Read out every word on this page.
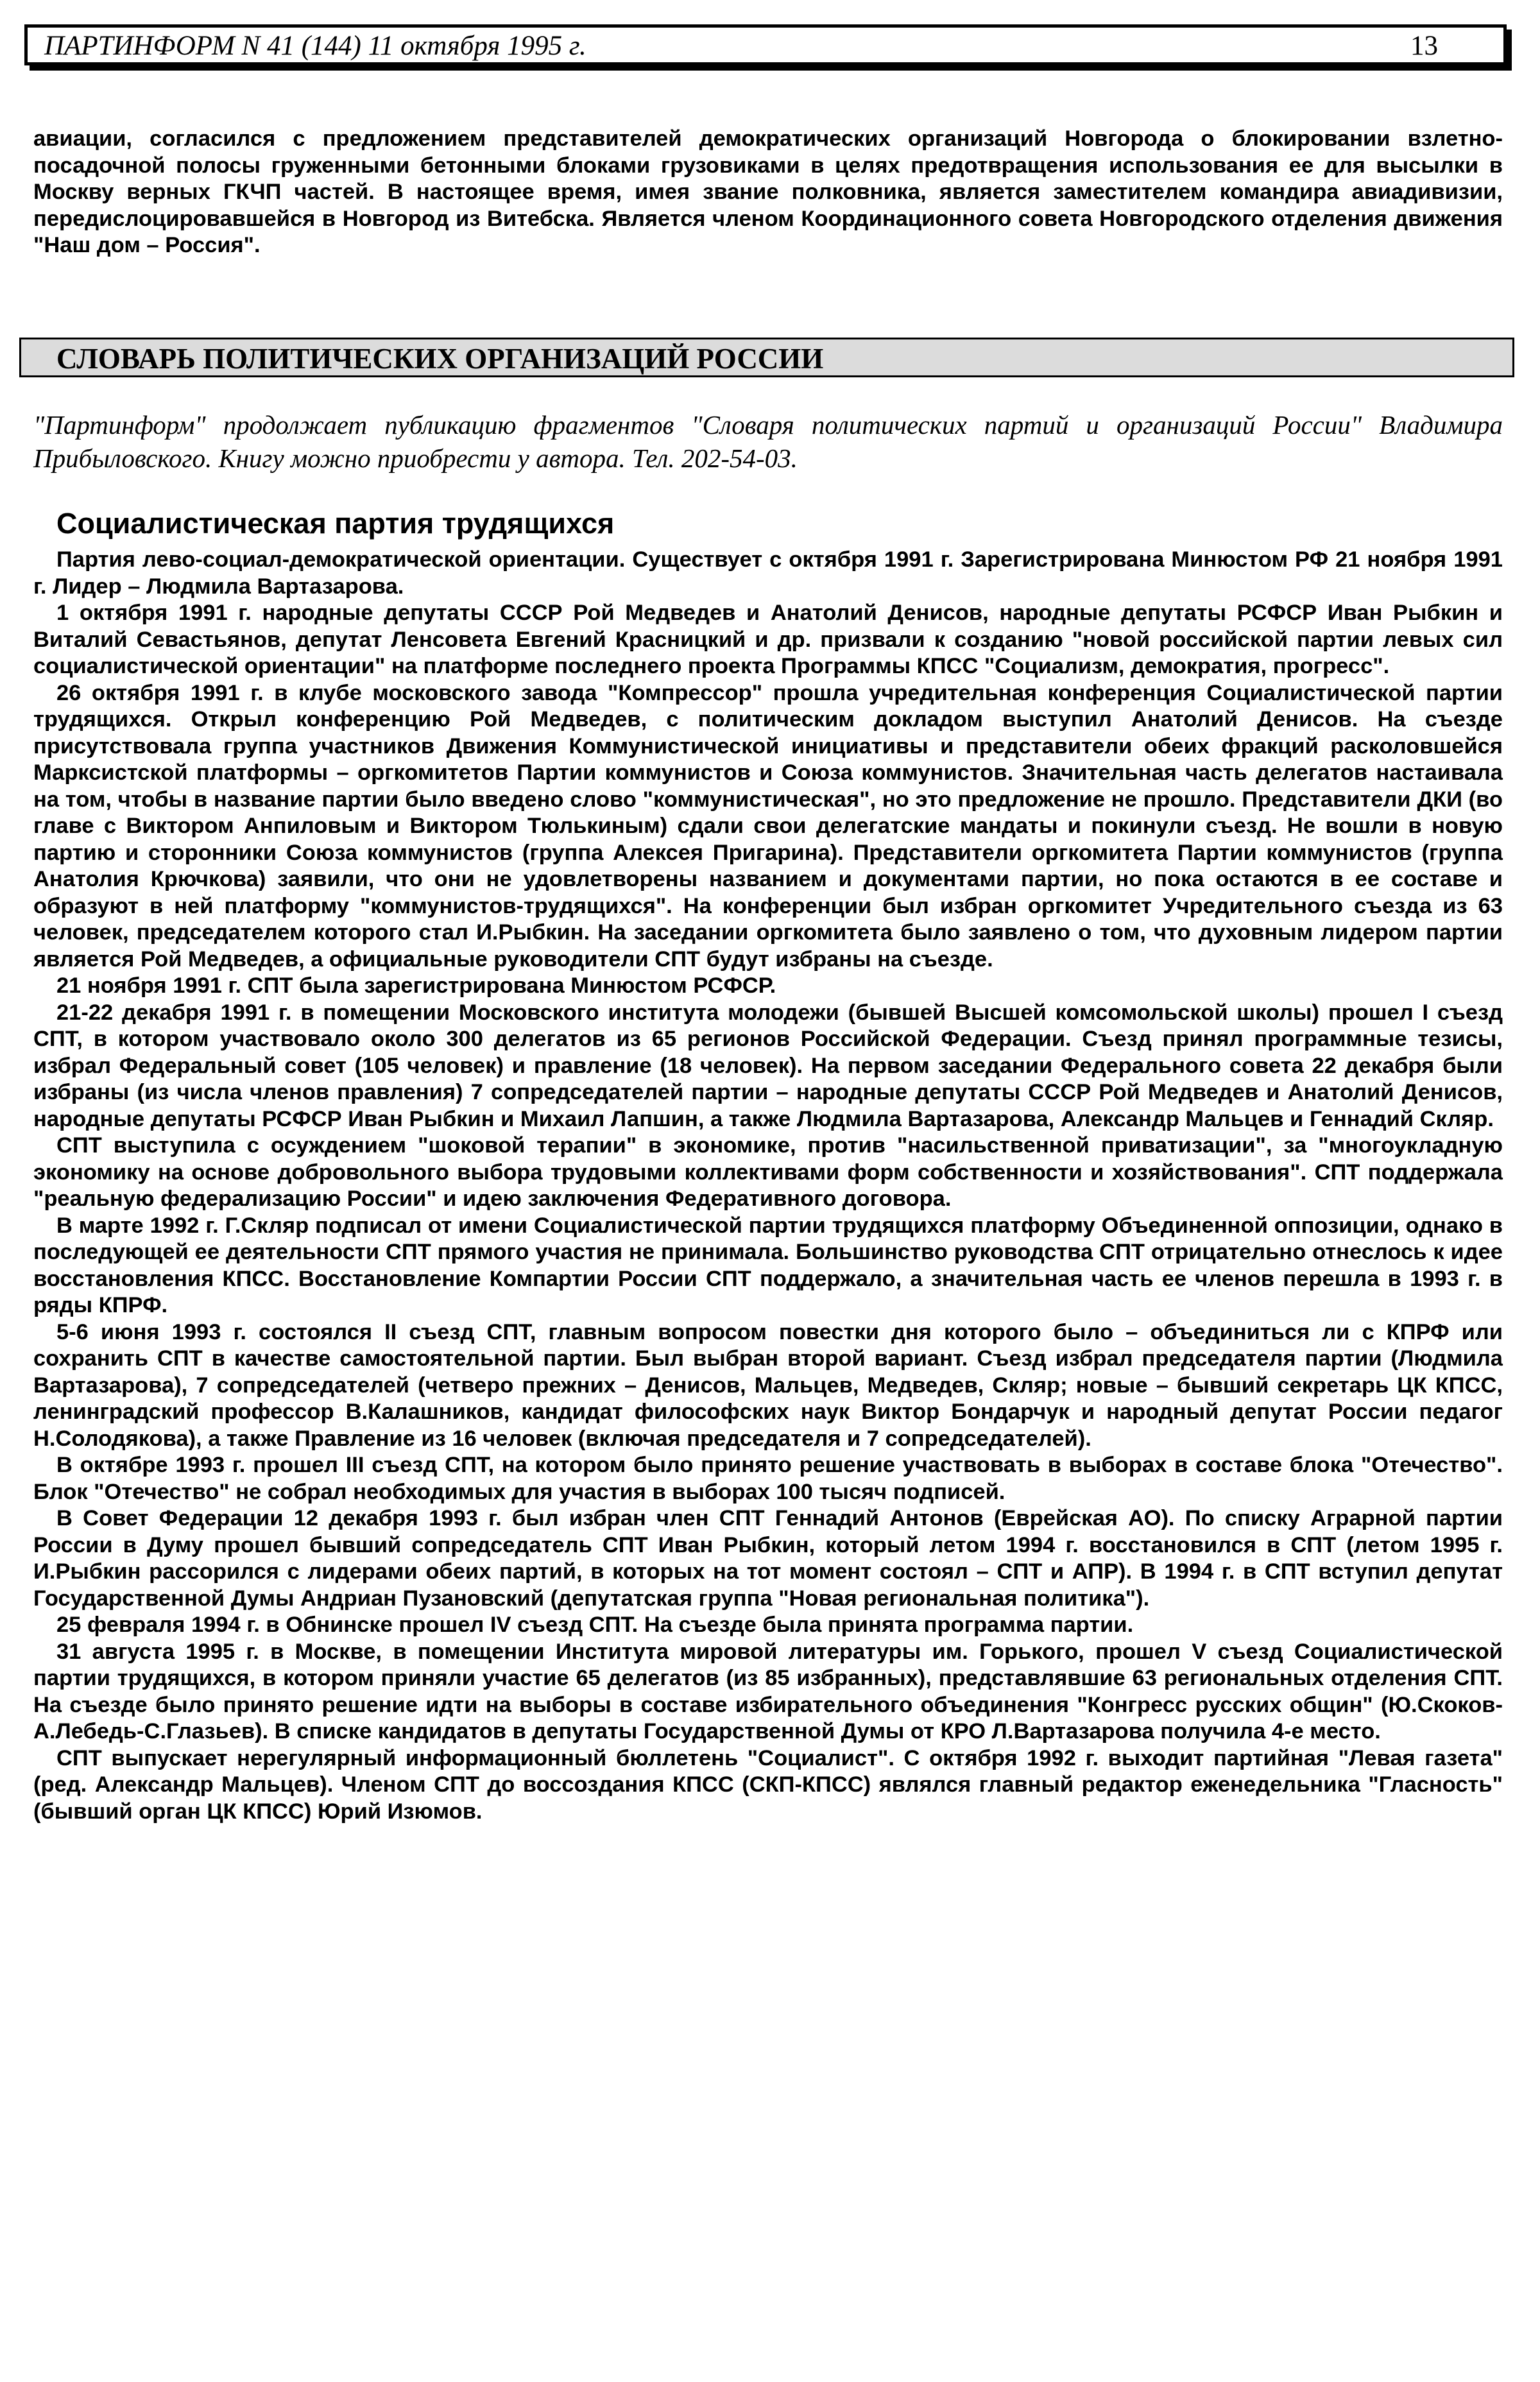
ПАРТИНФОРМ N 41 (144) 11 октября 1995 г.	13

авиации, согласился с предложением представителей демократических организаций Новгорода о блокировании взлетно-посадочной полосы груженными бетонными блоками грузовиками в целях предотвращения использования ее для высылки в Москву верных ГКЧП частей. В настоящее время, имея звание полковника, является заместителем командира авиадивизии, передислоцировавшейся в Новгород из Витебска. Является членом Координационного совета Новгородского отделения движения "Наш дом – Россия".

СЛОВАРЬ ПОЛИТИЧЕСКИХ ОРГАНИЗАЦИЙ РОССИИ

"Партинформ" продолжает публикацию фрагментов "Словаря политических партий и организаций России" Владимира
Прибыловского. Книгу можно приобрести у автора. Тел. 202-54-03.

Социалистическая партия трудящихся

Партия лево-социал-демократической ориентации. Существует с октября 1991 г. Зарегистрирована Минюстом РФ 21 ноября 1991 г. Лидер – Людмила Вартазарова.

1 октября 1991 г. народные депутаты СССР Рой Медведев и Анатолий Денисов, народные депутаты РСФСР Иван Рыбкин и Виталий Севастьянов, депутат Ленсовета Евгений Красницкий и др. призвали к созданию "новой российской партии левых сил социалистической ориентации" на платформе последнего проекта Программы КПСС "Социализм, демократия, прогресс".

26 октября 1991 г. в клубе московского завода "Компрессор" прошла учредительная конференция Социалистической партии трудящихся. Открыл конференцию Рой Медведев, с политическим докладом выступил Анатолий Денисов. На съезде присутствовала группа участников Движения Коммунистической инициативы и представители обеих фракций расколовшейся Марксистской платформы – оргкомитетов Партии коммунистов и Союза коммунистов. Значительная часть делегатов настаивала на том, чтобы в название партии было введено слово "коммунистическая", но это предложение не прошло. Представители ДКИ (во главе с Виктором Анпиловым и Виктором Тюлькиным) сдали свои делегатские мандаты и покинули съезд. Не вошли в новую партию и сторонники Союза коммунистов (группа Алексея Пригарина). Представители оргкомитета Партии коммунистов (группа Анатолия Крючкова) заявили, что они не удовлетворены названием и документами партии, но пока остаются в ее составе и образуют в ней платформу "коммунистов-трудящихся". На конференции был избран оргкомитет Учредительного съезда из 63 человек, председателем которого стал И.Рыбкин. На заседании оргкомитета было заявлено о том, что духовным лидером партии является Рой Медведев, а официальные руководители СПТ будут избраны на съезде.

21 ноября 1991 г. СПТ была зарегистрирована Минюстом РСФСР.

21-22 декабря 1991 г. в помещении Московского института молодежи (бывшей Высшей комсомольской школы) прошел I съезд СПТ, в котором участвовало около 300 делегатов из 65 регионов Российской Федерации. Съезд принял программные тезисы, избрал Федеральный совет (105 человек) и правление (18 человек). На первом заседании Федерального совета 22 декабря были избраны (из числа членов правления) 7 сопредседателей партии – народные депутаты СССР Рой Медведев и Анатолий Денисов, народные депутаты РСФСР Иван Рыбкин и Михаил Лапшин, а также Людмила Вартазарова, Александр Мальцев и Геннадий Скляр.

СПТ выступила с осуждением "шоковой терапии" в экономике, против "насильственной приватизации", за "многоукладную экономику на основе добровольного выбора трудовыми коллективами форм собственности и хозяйствования". СПТ поддержала "реальную федерализацию России" и идею заключения Федеративного договора.

В марте 1992 г. Г.Скляр подписал от имени Социалистической партии трудящихся платформу Объединенной оппозиции, однако в последующей ее деятельности СПТ прямого участия не принимала. Большинство руководства СПТ отрицательно отнеслось к идее восстановления КПСС. Восстановление Компартии России СПТ поддержало, а значительная часть ее членов перешла в 1993 г. в ряды КПРФ.

5-6 июня 1993 г. состоялся II съезд СПТ, главным вопросом повестки дня которого было – объединиться ли с КПРФ или сохранить СПТ в качестве самостоятельной партии. Был выбран второй вариант. Съезд избрал председателя партии (Людмила Вартазарова), 7 сопредседателей (четверо прежних – Денисов, Мальцев, Медведев, Скляр; новые – бывший секретарь ЦК КПСС, ленинградский профессор В.Калашников, кандидат философских наук Виктор Бондарчук и народный депутат России педагог Н.Солодякова), а также Правление из 16 человек (включая председателя и 7 сопредседателей).

В октябре 1993 г. прошел III съезд СПТ, на котором было принято решение участвовать в выборах в составе блока "Отечество". Блок "Отечество" не собрал необходимых для участия в выборах 100 тысяч подписей.

В Совет Федерации 12 декабря 1993 г. был избран член СПТ Геннадий Антонов (Еврейская АО). По списку Аграрной партии России в Думу прошел бывший сопредседатель СПТ Иван Рыбкин, который летом 1994 г. восстановился в СПТ (летом 1995 г. И.Рыбкин рассорился с лидерами обеих партий, в которых на тот момент состоял – СПТ и АПР). В 1994 г. в СПТ вступил депутат Государственной Думы Андриан Пузановский (депутатская группа "Новая региональная политика").

25 февраля 1994 г. в Обнинске прошел IV съезд СПТ. На съезде была принята программа партии.

31 августа 1995 г. в Москве, в помещении Института мировой литературы им. Горького, прошел V съезд Социалистической партии трудящихся, в котором приняли участие 65 делегатов (из 85 избранных), представлявшие 63 региональных отделения СПТ. На съезде было принято решение идти на выборы в составе избирательного объединения "Конгресс русских общин" (Ю.Скоков-А.Лебедь-С.Глазьев). В списке кандидатов в депутаты Государственной Думы от КРО Л.Вартазарова получила 4-е место.

СПТ выпускает нерегулярный информационный бюллетень "Социалист". С октября 1992 г. выходит партийная "Левая газета" (ред. Александр Мальцев). Членом СПТ до воссоздания КПСС (СКП-КПСС) являлся главный редактор еженедельника "Гласность" (бывший орган ЦК КПСС) Юрий Изюмов.
